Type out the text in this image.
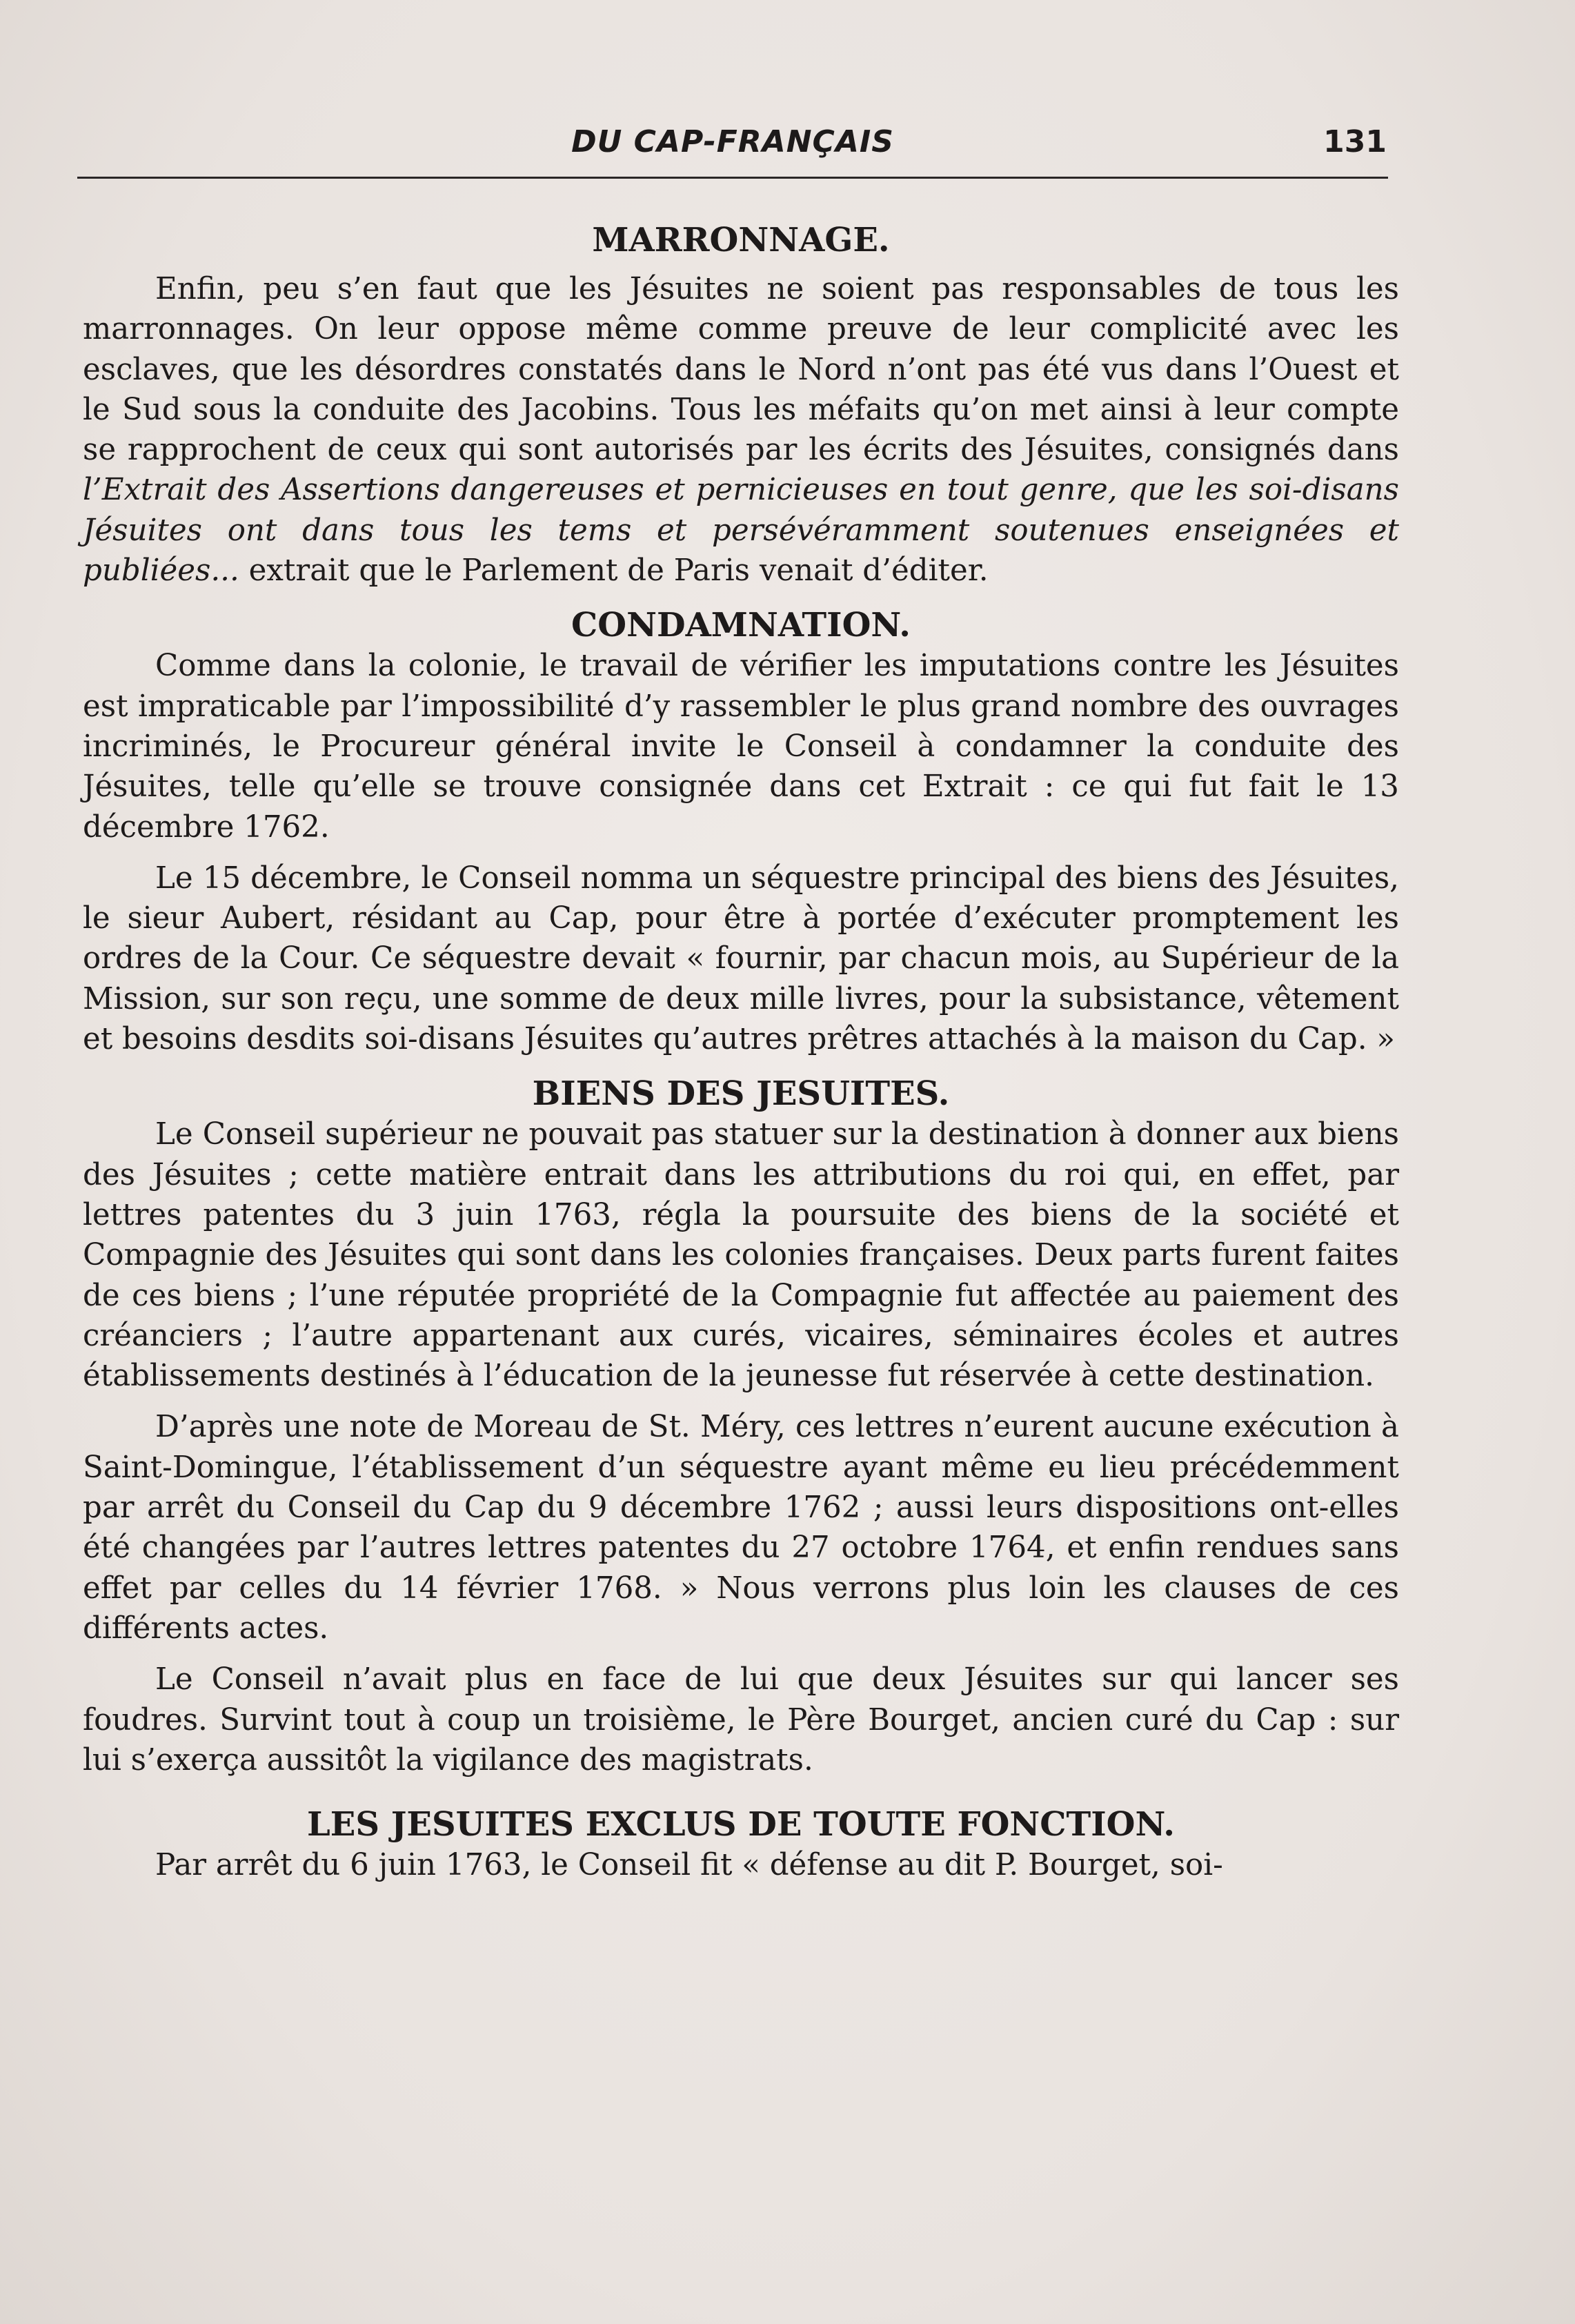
DU CAP-FRANÇAIS	131
MARRONNAGE.

Enfin, peu s’en faut que les Jésuites ne soient pas responsables de tous les marronnages. On leur oppose même comme preuve de leur complicité avec les esclaves, que les désordres constatés dans le Nord n’ont pas été vus dans l’Ouest et le Sud sous la conduite des Jacobins. Tous les méfaits qu’on met ainsi à leur compte se rapprochent de ceux qui sont autorisés par les écrits des Jésuites, consignés dans l’Extrait des Assertions dangereuses et pernicieuses en tout genre, que les soi-disans Jésuites ont dans tous les tems et persévéramment soutenues enseignées et publiées... extrait que le Parlement de Paris venait d’éditer.

CONDAMNATION.

Comme dans la colonie, le travail de vérifier les imputations contre les Jésuites est impraticable par l’impossibilité d’y rassembler le plus grand nombre des ouvrages incriminés, le Procureur général invite le Conseil à condamner la conduite des Jésuites, telle qu’elle se trouve consignée dans cet Extrait : ce qui fut fait le 13 décembre 1762.

Le 15 décembre, le Conseil nomma un séquestre principal des biens des Jésuites, le sieur Aubert, résidant au Cap, pour être à portée d’exécuter promptement les ordres de la Cour. Ce séquestre devait « fournir, par chacun mois, au Supérieur de la Mission, sur son reçu, une somme de deux mille livres, pour la subsistance, vêtement et besoins desdits soi-disans Jésuites qu’autres prêtres attachés à la maison du Cap. »

BIENS DES JESUITES.

Le Conseil supérieur ne pouvait pas statuer sur la destination à donner aux biens des Jésuites ; cette matière entrait dans les attributions du roi qui, en effet, par lettres patentes du 3 juin 1763, régla la poursuite des biens de la société et Compagnie des Jésuites qui sont dans les colonies françaises. Deux parts furent faites de ces biens ; l’une réputée propriété de la Compagnie fut affectée au paiement des créanciers ; l’autre appartenant aux curés, vicaires, séminaires écoles et autres établissements destinés à l’éducation de la jeunesse fut réservée à cette destination.

D’après une note de Moreau de St. Méry, ces lettres n’eurent aucune exécution à Saint-Domingue, l’établissement d’un séquestre ayant même eu lieu précédemment par arrêt du Conseil du Cap du 9 décembre 1762 ; aussi leurs dispositions ont-elles été changées par l’autres lettres patentes du 27 octobre 1764, et enfin rendues sans effet par celles du 14 février 1768. » Nous verrons plus loin les clauses de ces différents actes.

Le Conseil n’avait plus en face de lui que deux Jésuites sur qui lancer ses foudres. Survint tout à coup un troisième, le Père Bourget, ancien curé du Cap : sur lui s’exerça aussitôt la vigilance des magistrats.

LES JESUITES EXCLUS DE TOUTE FONCTION.

Par arrêt du 6 juin 1763, le Conseil fit « défense au dit P. Bourget, soi-
